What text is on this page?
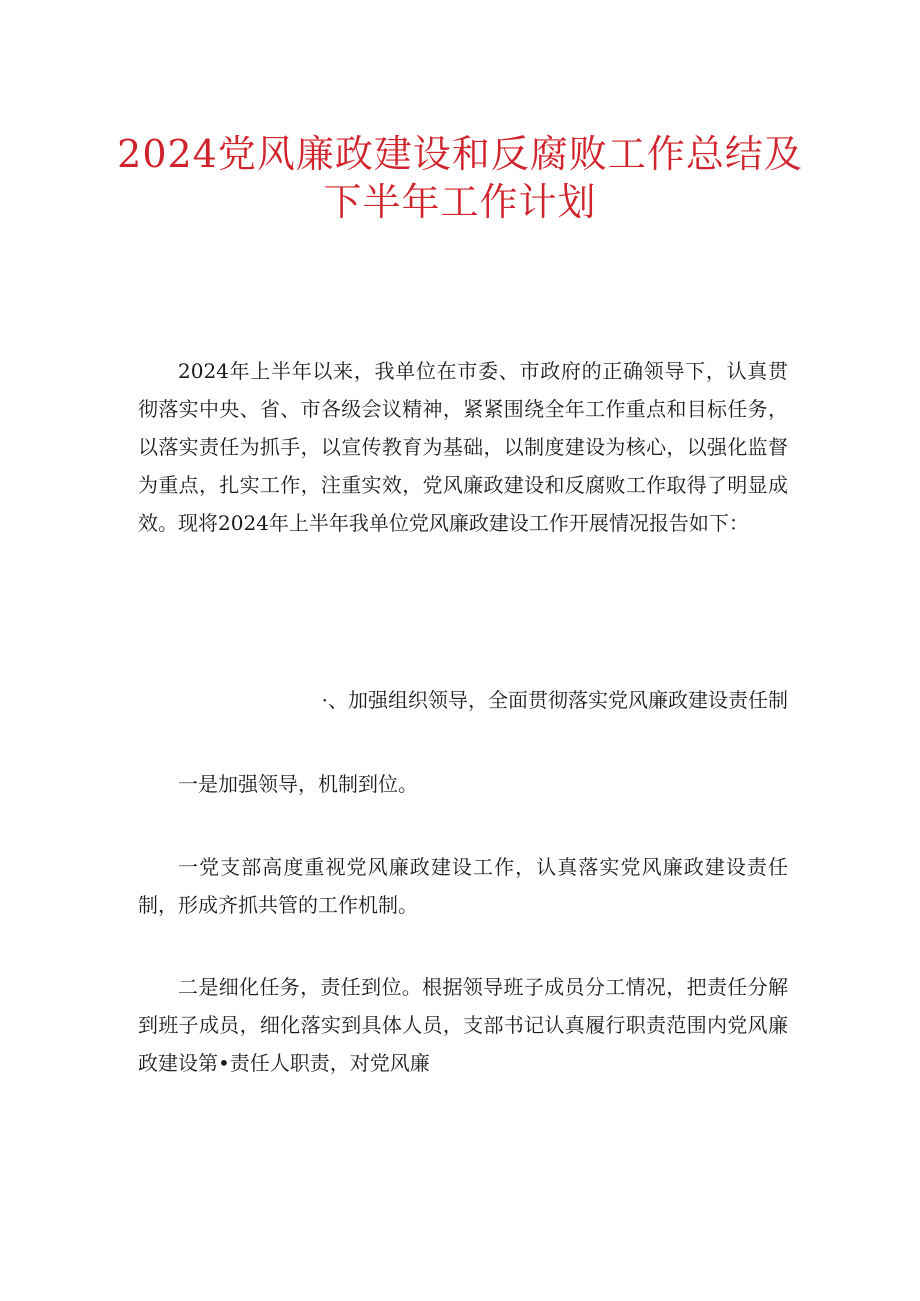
2024党风廉政建设和反腐败工作总结及
下半年工作计划

2024年上半年以来，我单位在市委、市政府的正确领导下，认真贯彻落实中央、省、市各级会议精神，紧紧围绕全年工作重点和目标任务，以落实责任为抓手，以宣传教育为基础，以制度建设为核心，以强化监督为重点，扎实工作，注重实效，党风廉政建设和反腐败工作取得了明显成效。现将2024年上半年我单位党风廉政建设工作开展情况报告如下：

·、加强组织领导，全面贯彻落实党风廉政建设责任制

一是加强领导，机制到位。

一党支部高度重视党风廉政建设工作，认真落实党风廉政建设责任制，形成齐抓共管的工作机制。

二是细化任务，责任到位。根据领导班子成员分工情况，把责任分解到班子成员，细化落实到具体人员，支部书记认真履行职责范围内党风廉政建设第•责任人职责，对党风廉
